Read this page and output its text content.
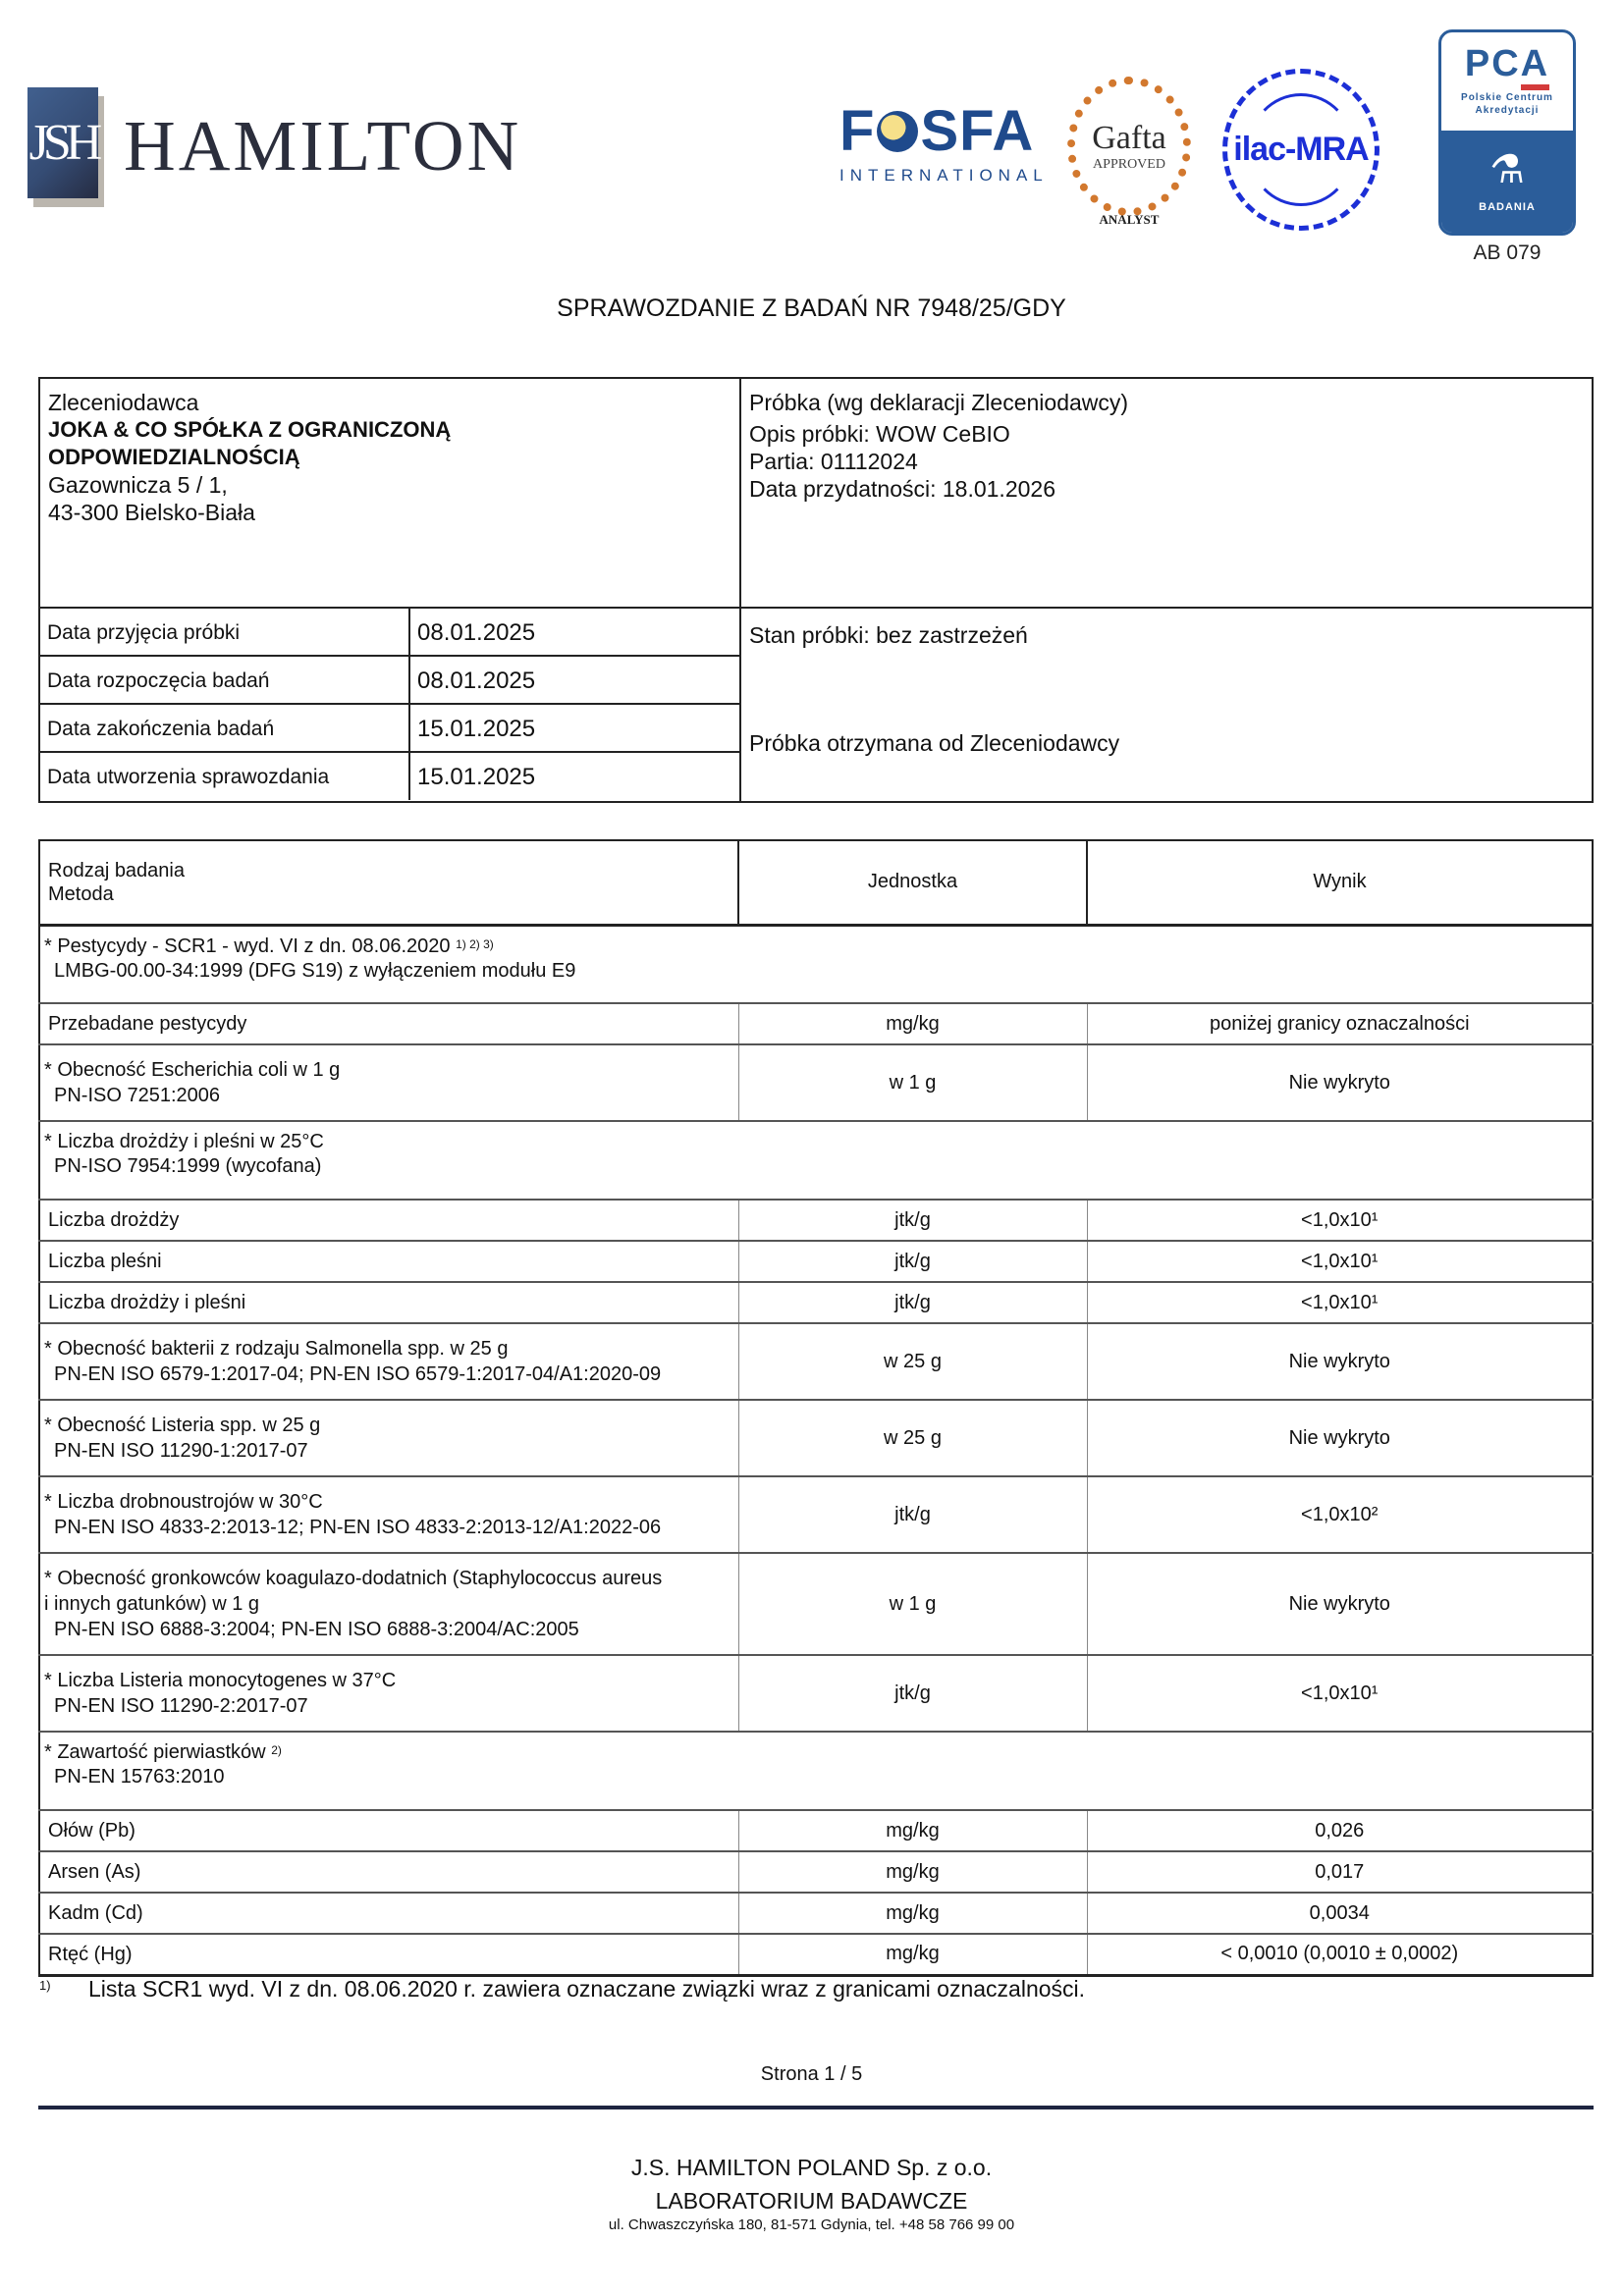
JSH HAMILTON	F SFA
INTERNATIONAL
Gafta
APPROVED
ANALYST
ilac-MRA
PCA
Polskie Centrum
Akredytacji
⚗
BADANIA
AB 079
SPRAWOZDANIE Z BADAŃ NR 7948/25/GDY
Zleceniodawca
JOKA & CO SPÓŁKA Z OGRANICZONĄ
ODPOWIEDZIALNOŚCIĄ
Gazownicza 5 / 1,
43-300 Bielsko-Biała
Próbka (wg deklaracji Zleceniodawcy)
Opis próbki: WOW CeBIO
Partia: 01112024
Data przydatności: 18.01.2026
Data przyjęcia próbki	08.01.2025
Data rozpoczęcia badań	08.01.2025
Data zakończenia badań	15.01.2025
Data utworzenia sprawozdania	15.01.2025
Stan próbki: bez zastrzeżeń
Próbka otrzymana od Zleceniodawcy
Rodzaj badania
Metoda	Jednostka	Wynik

* Pestycydy - SCR1 - wyd. VI z dn. 08.06.2020 $^{1) 2) 3)}$
LMBG-00.00-34:1999 (DFG S19) z wyłączeniem modułu E9		

Przebadane pestycydy	mg/kg	poniżej granicy oznaczalności

* Obecność Escherichia coli w 1 g
PN-ISO 7251:2006	w 1 g	Nie wykryto

* Liczba drożdży i pleśni w 25°C
PN-ISO 7954:1999 (wycofana)		

Liczba drożdży	jtk/g	<1,0x10¹
Liczba pleśni	jtk/g	<1,0x10¹
Liczba drożdży i pleśni	jtk/g	<1,0x10¹

* Obecność bakterii z rodzaju Salmonella spp. w 25 g
PN-EN ISO 6579-1:2017-04; PN-EN ISO 6579-1:2017-04/A1:2020-09	w 25 g	Nie wykryto

* Obecność Listeria spp. w 25 g
PN-EN ISO 11290-1:2017-07	w 25 g	Nie wykryto

* Liczba drobnoustrojów w 30°C
PN-EN ISO 4833-2:2013-12; PN-EN ISO 4833-2:2013-12/A1:2022-06	jtk/g	<1,0x10²

* Obecność gronkowców koagulazo-dodatnich (Staphylococcus aureus
i innych gatunków) w 1 g
PN-EN ISO 6888-3:2004; PN-EN ISO 6888-3:2004/AC:2005	w 1 g	Nie wykryto

* Liczba Listeria monocytogenes w 37°C
PN-EN ISO 11290-2:2017-07	jtk/g	<1,0x10¹

* Zawartość pierwiastków $^{2)}$
PN-EN 15763:2010		

Ołów (Pb)	mg/kg	0,026
Arsen (As)	mg/kg	0,017
Kadm (Cd)	mg/kg	0,0034
Rtęć (Hg)	mg/kg	< 0,0010 (0,0010 ± 0,0002)
1)	Lista SCR1 wyd. VI z dn. 08.06.2020 r. zawiera oznaczane związki wraz z granicami oznaczalności.
Strona 1 / 5
J.S. HAMILTON POLAND Sp. z o.o.
LABORATORIUM BADAWCZE
ul. Chwaszczyńska 180, 81-571 Gdynia, tel. +48 58 766 99 00
